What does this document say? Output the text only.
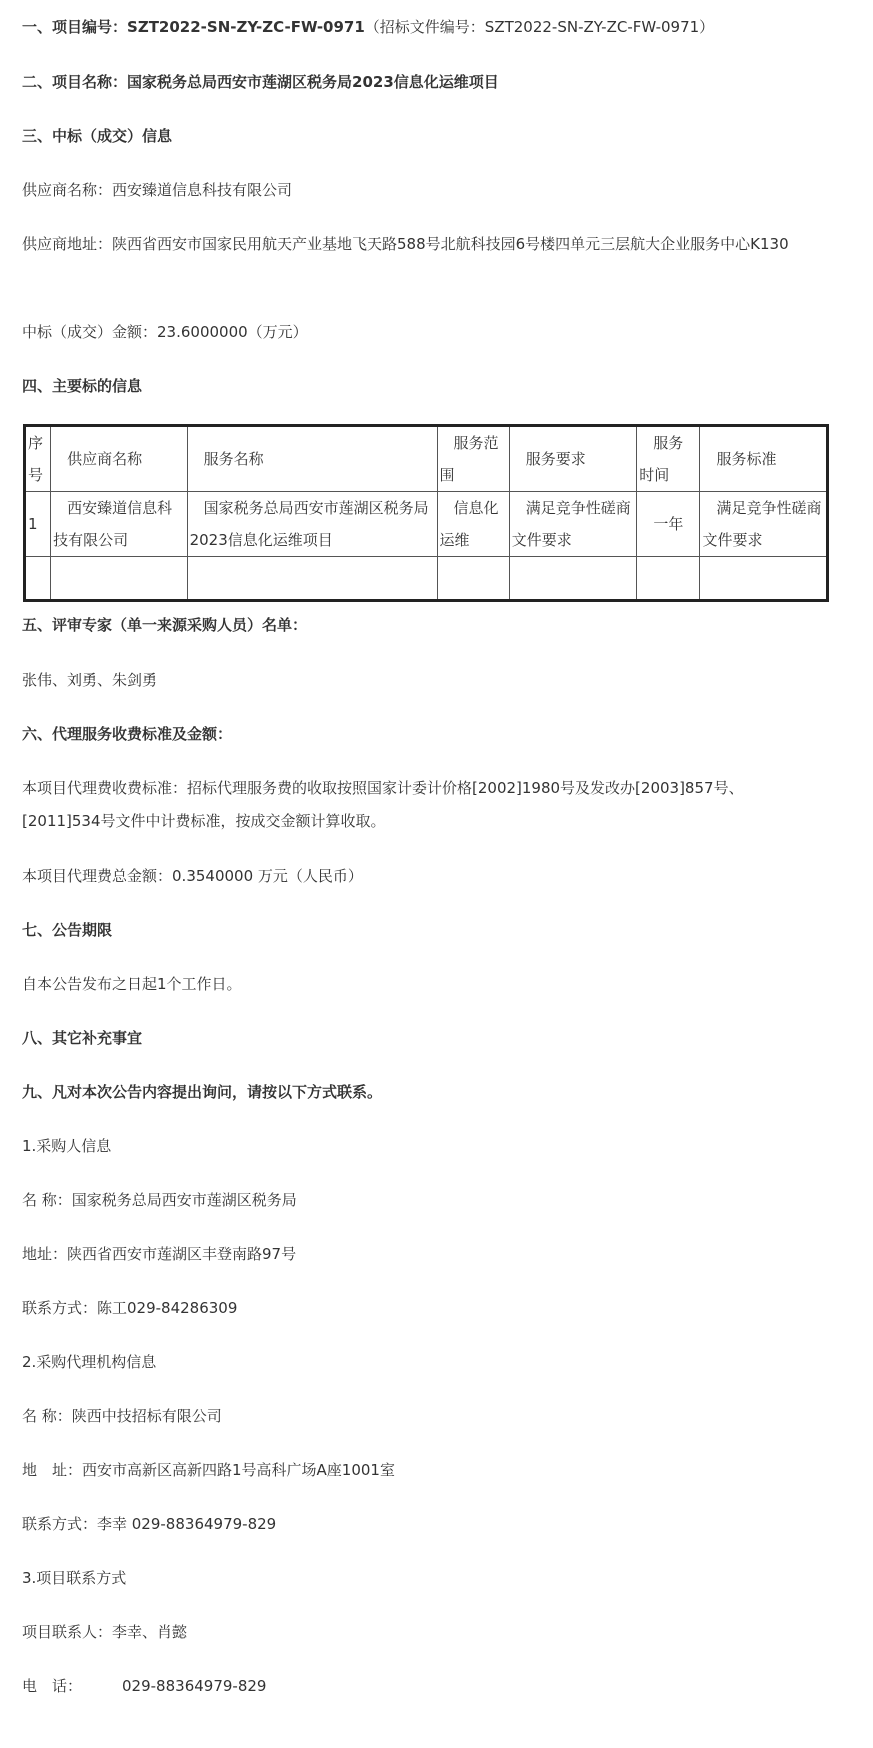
一、项目编号：SZT2022-SN-ZY-ZC-FW-0971（招标文件编号：SZT2022-SN-ZY-ZC-FW-0971）

二、项目名称：国家税务总局西安市莲湖区税务局2023信息化运维项目

三、中标（成交）信息

供应商名称：西安臻道信息科技有限公司

供应商地址：陕西省西安市国家民用航天产业基地飞天路588号北航科技园6号楼四单元三层航大企业服务中心K130

中标（成交）金额：23.6000000（万元）

四、主要标的信息

序号	供应商名称	服务名称	服务范围	服务要求	服务时间	服务标准
1	西安臻道信息科技有限公司	国家税务总局西安市莲湖区税务局2023信息化运维项目	信息化运维	满足竞争性磋商文件要求	一年	满足竞争性磋商文件要求

五、评审专家（单一来源采购人员）名单：

张伟、刘勇、朱剑勇

六、代理服务收费标准及金额：

本项目代理费收费标准：招标代理服务费的收取按照国家计委计价格[2002]1980号及发改办[2003]857号、[2011]534号文件中计费标准，按成交金额计算收取。

本项目代理费总金额：0.3540000 万元（人民币）

七、公告期限

自本公告发布之日起1个工作日。

八、其它补充事宜

九、凡对本次公告内容提出询问，请按以下方式联系。

1.采购人信息

名 称：国家税务总局西安市莲湖区税务局

地址：陕西省西安市莲湖区丰登南路97号

联系方式：陈工029-84286309

2.采购代理机构信息

名 称：陕西中技招标有限公司

地　址：西安市高新区高新四路1号高科广场A座1001室

联系方式：李幸 029-88364979-829

3.项目联系方式

项目联系人：李幸、肖懿

电　话：	029-88364979-829
